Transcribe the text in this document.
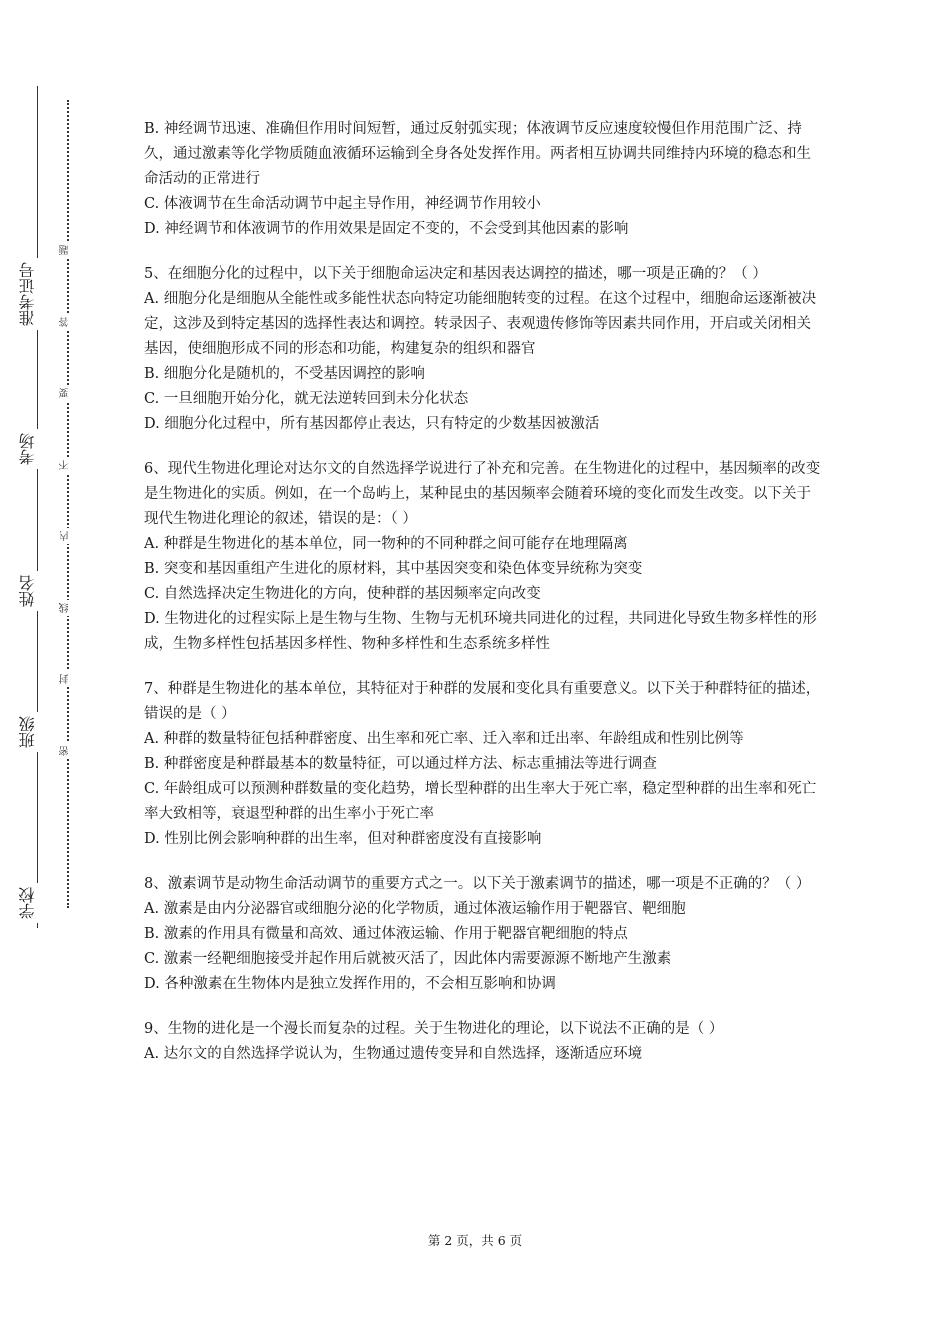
准考证号
考场
姓名
班级
学校
题
答
要
不
内
线
封
密

B. 神经调节迅速、准确但作用时间短暂，通过反射弧实现；体液调节反应速度较慢但作用范围广泛、持久，通过激素等化学物质随血液循环运输到全身各处发挥作用。两者相互协调共同维持内环境的稳态和生命活动的正常进行

C. 体液调节在生命活动调节中起主导作用，神经调节作用较小

D. 神经调节和体液调节的作用效果是固定不变的，不会受到其他因素的影响

5、在细胞分化的过程中，以下关于细胞命运决定和基因表达调控的描述，哪一项是正确的？（ ）

A. 细胞分化是细胞从全能性或多能性状态向特定功能细胞转变的过程。在这个过程中，细胞命运逐渐被决定，这涉及到特定基因的选择性表达和调控。转录因子、表观遗传修饰等因素共同作用，开启或关闭相关基因，使细胞形成不同的形态和功能，构建复杂的组织和器官

B. 细胞分化是随机的，不受基因调控的影响

C. 一旦细胞开始分化，就无法逆转回到未分化状态

D. 细胞分化过程中，所有基因都停止表达，只有特定的少数基因被激活

6、现代生物进化理论对达尔文的自然选择学说进行了补充和完善。在生物进化的过程中，基因频率的改变是生物进化的实质。例如，在一个岛屿上，某种昆虫的基因频率会随着环境的变化而发生改变。以下关于现代生物进化理论的叙述，错误的是：（ ）

A. 种群是生物进化的基本单位，同一物种的不同种群之间可能存在地理隔离

B. 突变和基因重组产生进化的原材料，其中基因突变和染色体变异统称为突变

C. 自然选择决定生物进化的方向，使种群的基因频率定向改变

D. 生物进化的过程实际上是生物与生物、生物与无机环境共同进化的过程，共同进化导致生物多样性的形成，生物多样性包括基因多样性、物种多样性和生态系统多样性

7、种群是生物进化的基本单位，其特征对于种群的发展和变化具有重要意义。以下关于种群特征的描述，错误的是（ ）

A. 种群的数量特征包括种群密度、出生率和死亡率、迁入率和迁出率、年龄组成和性别比例等

B. 种群密度是种群最基本的数量特征，可以通过样方法、标志重捕法等进行调查

C. 年龄组成可以预测种群数量的变化趋势，增长型种群的出生率大于死亡率，稳定型种群的出生率和死亡率大致相等，衰退型种群的出生率小于死亡率

D. 性别比例会影响种群的出生率，但对种群密度没有直接影响

8、激素调节是动物生命活动调节的重要方式之一。以下关于激素调节的描述，哪一项是不正确的？（ ）

A. 激素是由内分泌器官或细胞分泌的化学物质，通过体液运输作用于靶器官、靶细胞

B. 激素的作用具有微量和高效、通过体液运输、作用于靶器官靶细胞的特点

C. 激素一经靶细胞接受并起作用后就被灭活了，因此体内需要源源不断地产生激素

D. 各种激素在生物体内是独立发挥作用的，不会相互影响和协调

9、生物的进化是一个漫长而复杂的过程。关于生物进化的理论，以下说法不正确的是（ ）

A. 达尔文的自然选择学说认为，生物通过遗传变异和自然选择，逐渐适应环境

第 2 页，共 6 页
